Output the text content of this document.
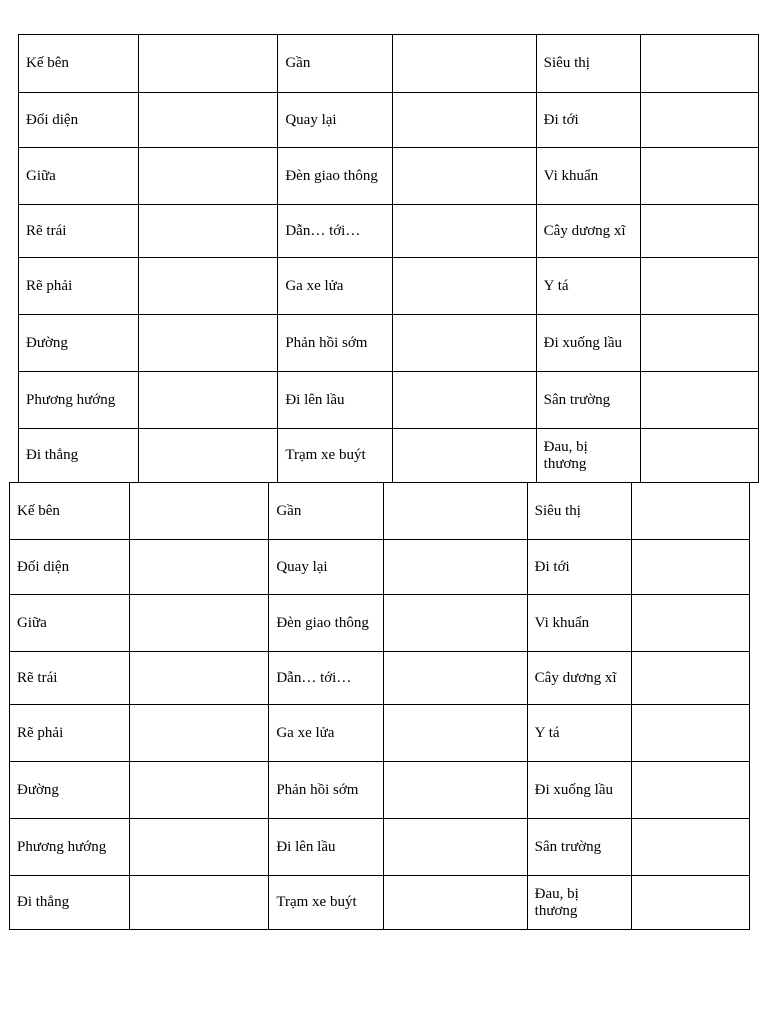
Kế bên		Gần		Siêu thị	
Đối diện		Quay lại		Đi tới	
Giữa		Đèn giao thông		Vi khuẩn	
Rẽ trái		Dẫn… tới…		Cây dương xĩ	
Rẽ phải		Ga xe lửa		Y tá	
Đường		Phản hồi sớm		Đi xuống lầu	
Phương hướng		Đi lên lầu		Sân trường	
Đi thẳng		Trạm xe buýt		Đau, bị thương	
Kế bên		Gần		Siêu thị	
Đối diện		Quay lại		Đi tới	
Giữa		Đèn giao thông		Vi khuẩn	
Rẽ trái		Dẫn… tới…		Cây dương xĩ	
Rẽ phải		Ga xe lửa		Y tá	
Đường		Phản hồi sớm		Đi xuống lầu	
Phương hướng		Đi lên lầu		Sân trường	
Đi thẳng		Trạm xe buýt		Đau, bị thương	
